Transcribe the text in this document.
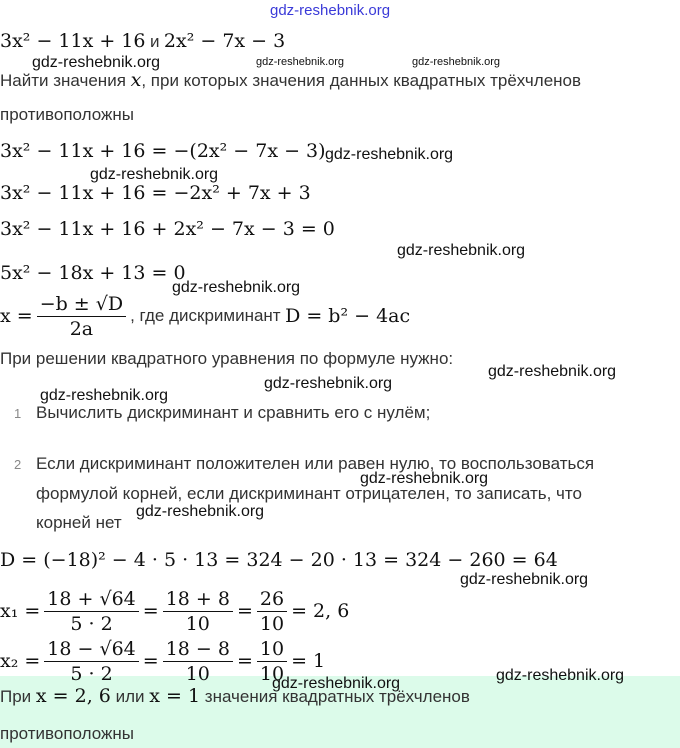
gdz-reshebnik.org
gdz-reshebnik.org	gdz-reshebnik.org	gdz-reshebnik.org
gdz-reshebnik.org
gdz-reshebnik.org
gdz-reshebnik.org
gdz-reshebnik.org
gdz-reshebnik.org
gdz-reshebnik.org
gdz-reshebnik.org
gdz-reshebnik.org
gdz-reshebnik.org
gdz-reshebnik.org
gdz-reshebnik.org
3x² − 11x + 16 и 2x² − 7x − 3
Найти значения x, при которых значения данных квадратных трёхчленов
противоположны
3x² − 11x + 16 = −(2x² − 7x − 3)
3x² − 11x + 16 = −2x² + 7x + 3
3x² − 11x + 16 + 2x² − 7x − 3 = 0
5x² − 18x + 13 = 0
$x = \frac{-b \pm √D}{2a}$ , где дискриминант
D = b² − 4ac
При решении квадратного уравнения по формуле нужно:
1 Вычислить дискриминант и сравнить его с нулём;
2 Если дискриминант положителен или равен нулю, то воспользоваться
формулой корней, если дискриминант отрицателен, то записать, что
корней нет
D = (−18)² − 4 · 5 · 13 = 324 − 20 · 13 = 324 − 260 = 64
$x_1 = \frac{18 + √64}{5 \cdot 2} = \frac{18 + 8}{10} = \frac{26}{10} = 2$, 6
$x_2 = \frac{18 - √64}{5 \cdot 2} = \frac{18 - 8}{10} = \frac{10}{10} = 1$
При x = 2, 6 или x = 1 значения квадратных трёхчленов
противоположны
gdz-reshebnik.org
